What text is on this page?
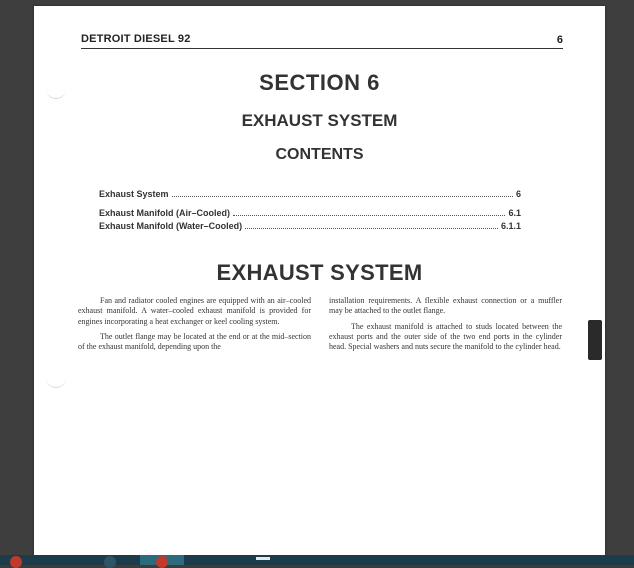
DETROIT DIESEL 92	6
SECTION 6
EXHAUST SYSTEM
CONTENTS
Exhaust System	6
Exhaust Manifold (Air–Cooled)	6.1
Exhaust Manifold (Water–Cooled)	6.1.1
EXHAUST SYSTEM

Fan and radiator cooled engines are equipped with an air–cooled exhaust manifold. A water–cooled exhaust manifold is provided for engines incorporating a heat exchanger or keel cooling system.

The outlet flange may be located at the end or at the mid–section of the exhaust manifold, depending upon the

installation requirements. A flexible exhaust connection or a muffler may be attached to the outlet flange.

The exhaust manifold is attached to studs located between the exhaust ports and the outer side of the two end ports in the cylinder head. Special washers and nuts secure the manifold to the cylinder head.
